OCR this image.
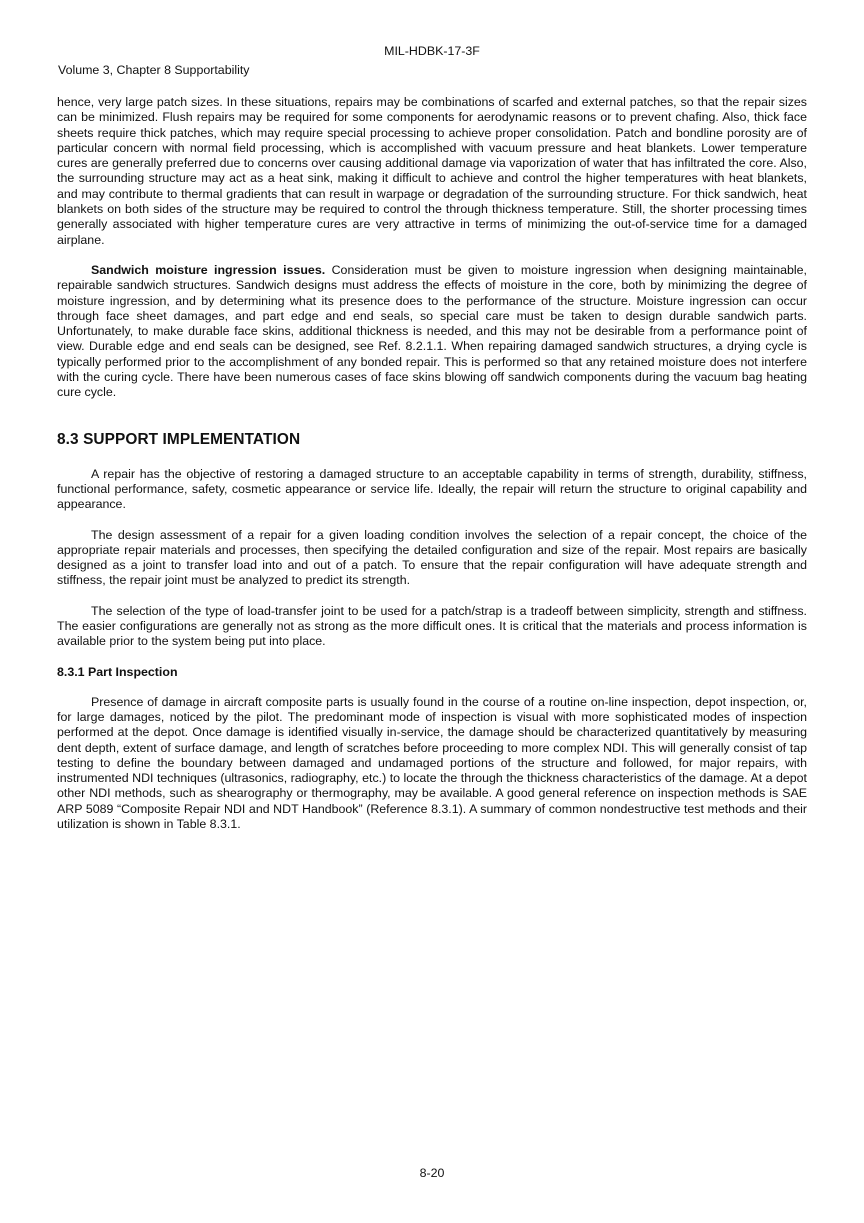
MIL-HDBK-17-3F
Volume 3, Chapter 8 Supportability

hence, very large patch sizes. In these situations, repairs may be combinations of scarfed and external patches, so that the repair sizes can be minimized. Flush repairs may be required for some components for aerodynamic reasons or to prevent chafing. Also, thick face sheets require thick patches, which may require special processing to achieve proper consolidation. Patch and bondline porosity are of particular concern with normal field processing, which is accomplished with vacuum pressure and heat blankets. Lower temperature cures are generally preferred due to concerns over causing additional damage via vaporization of water that has infiltrated the core. Also, the surrounding structure may act as a heat sink, making it difficult to achieve and control the higher temperatures with heat blankets, and may contribute to thermal gradients that can result in warpage or degradation of the surrounding structure. For thick sandwich, heat blankets on both sides of the structure may be required to control the through thickness temperature. Still, the shorter processing times generally associated with higher temperature cures are very attractive in terms of minimizing the out-of-service time for a damaged airplane.

Sandwich moisture ingression issues. Consideration must be given to moisture ingression when designing maintainable, repairable sandwich structures. Sandwich designs must address the effects of moisture in the core, both by minimizing the degree of moisture ingression, and by determining what its presence does to the performance of the structure. Moisture ingression can occur through face sheet damages, and part edge and end seals, so special care must be taken to design durable sandwich parts. Unfortunately, to make durable face skins, additional thickness is needed, and this may not be desirable from a performance point of view. Durable edge and end seals can be designed, see Ref. 8.2.1.1. When repairing damaged sandwich structures, a drying cycle is typically performed prior to the accomplishment of any bonded repair. This is performed so that any retained moisture does not interfere with the curing cycle. There have been numerous cases of face skins blowing off sandwich components during the vacuum bag heating cure cycle.

8.3 SUPPORT IMPLEMENTATION

A repair has the objective of restoring a damaged structure to an acceptable capability in terms of strength, durability, stiffness, functional performance, safety, cosmetic appearance or service life. Ideally, the repair will return the structure to original capability and appearance.

The design assessment of a repair for a given loading condition involves the selection of a repair concept, the choice of the appropriate repair materials and processes, then specifying the detailed configuration and size of the repair. Most repairs are basically designed as a joint to transfer load into and out of a patch. To ensure that the repair configuration will have adequate strength and stiffness, the repair joint must be analyzed to predict its strength.

The selection of the type of load-transfer joint to be used for a patch/strap is a tradeoff between simplicity, strength and stiffness. The easier configurations are generally not as strong as the more difficult ones. It is critical that the materials and process information is available prior to the system being put into place.

8.3.1 Part Inspection

Presence of damage in aircraft composite parts is usually found in the course of a routine on-line inspection, depot inspection, or, for large damages, noticed by the pilot. The predominant mode of inspection is visual with more sophisticated modes of inspection performed at the depot. Once damage is identified visually in-service, the damage should be characterized quantitatively by measuring dent depth, extent of surface damage, and length of scratches before proceeding to more complex NDI. This will generally consist of tap testing to define the boundary between damaged and undamaged portions of the structure and followed, for major repairs, with instrumented NDI techniques (ultrasonics, radiography, etc.) to locate the through the thickness characteristics of the damage. At a depot other NDI methods, such as shearography or thermography, may be available. A good general reference on inspection methods is SAE ARP 5089 “Composite Repair NDI and NDT Handbook” (Reference 8.3.1). A summary of common nondestructive test methods and their utilization is shown in Table 8.3.1.

8-20
